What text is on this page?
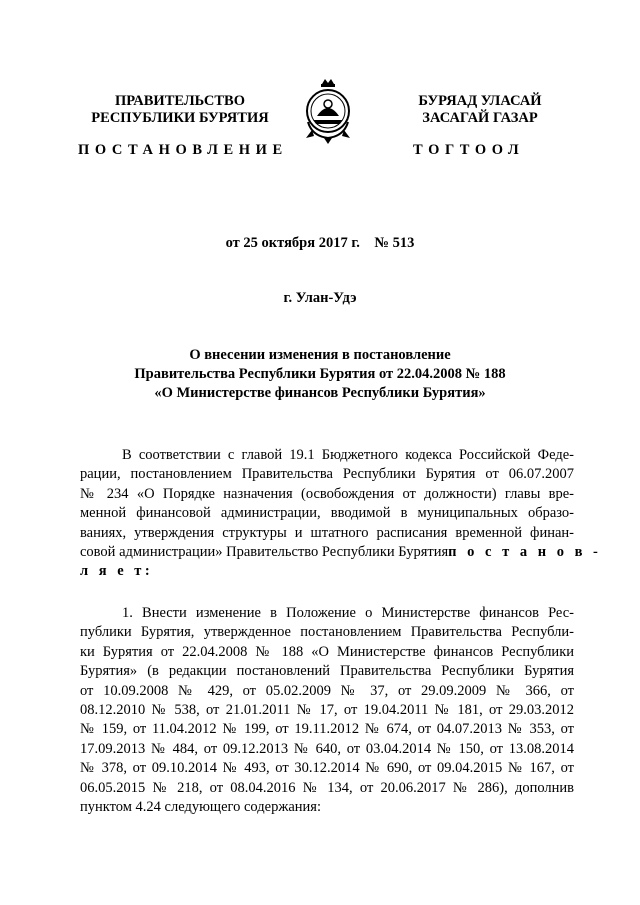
ПРАВИТЕЛЬСТВО
РЕСПУБЛИКИ БУРЯТИЯ
БУРЯАД УЛАСАЙ
ЗАСАГАЙ ГАЗАР
ПОСТАНОВЛЕНИЕ	ТОГТООЛ
от 25 октября 2017 г.    № 513
г. Улан-Удэ
О внесении изменения в постановление
Правительства Республики Бурятия от 22.04.2008 № 188
«О Министерстве финансов Республики Бурятия»
В соответствии с главой 19.1 Бюджетного кодекса Российской Феде-
рации, постановлением Правительства Республики Бурятия от 06.07.2007
№ 234 «О Порядке назначения (освобождения от должности) главы вре-
менной финансовой администрации, вводимой в муниципальных образо-
ваниях, утверждения структуры и штатного расписания временной финан-
совой администрации» Правительство Республики Бурятия п о с т а н о в -
л я е т:
1. Внести изменение в Положение о Министерстве финансов Рес-
публики Бурятия, утвержденное постановлением Правительства Республи-
ки Бурятия от 22.04.2008 № 188 «О Министерстве финансов Республики
Бурятия» (в редакции постановлений Правительства Республики Бурятия
от 10.09.2008 № 429, от 05.02.2009 № 37, от 29.09.2009 № 366, от
08.12.2010 № 538, от 21.01.2011 № 17, от 19.04.2011 № 181, от 29.03.2012
№ 159, от 11.04.2012 № 199, от 19.11.2012 № 674, от 04.07.2013 № 353, от
17.09.2013 № 484, от 09.12.2013 № 640, от 03.04.2014 № 150, от 13.08.2014
№ 378, от 09.10.2014 № 493, от 30.12.2014 № 690, от 09.04.2015 № 167, от
06.05.2015 № 218, от 08.04.2016 № 134, от 20.06.2017 № 286), дополнив
пунктом 4.24 следующего содержания:
